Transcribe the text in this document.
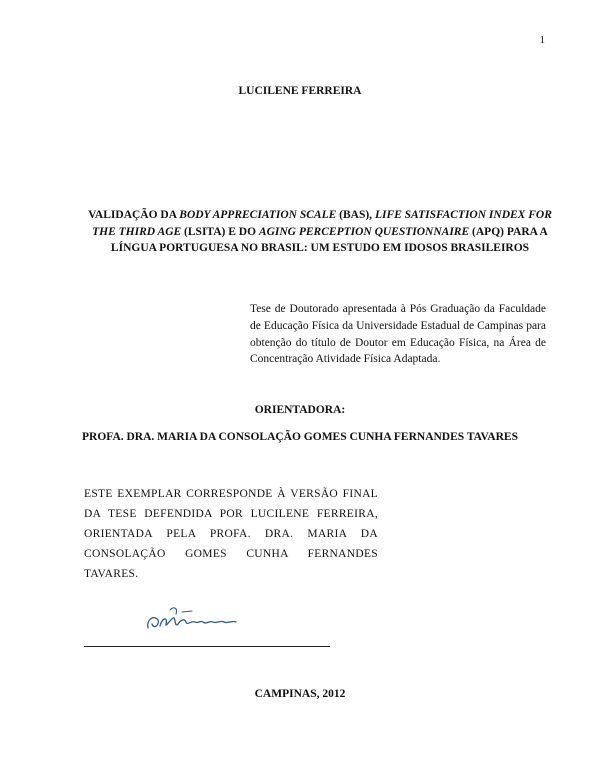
1
LUCILENE FERREIRA
VALIDAÇÃO DA BODY APPRECIATION SCALE (BAS), LIFE SATISFACTION INDEX FOR THE THIRD AGE (LSITA) E DO AGING PERCEPTION QUESTIONNAIRE (APQ) PARA A LÍNGUA PORTUGUESA NO BRASIL: UM ESTUDO EM IDOSOS BRASILEIROS
Tese de Doutorado apresentada à Pós Graduação da Faculdade de Educação Física da Universidade Estadual de Campinas para obtenção do título de Doutor em Educação Física, na Área de Concentração Atividade Física Adaptada.
ORIENTADORA:
PROFA. DRA. MARIA DA CONSOLAÇÃO GOMES CUNHA FERNANDES TAVARES
ESTE EXEMPLAR CORRESPONDE À VERSÃO FINAL DA TESE DEFENDIDA POR LUCILENE FERREIRA, ORIENTADA PELA PROFA. DRA. MARIA DA CONSOLAÇÃO GOMES CUNHA FERNANDES TAVARES.
CAMPINAS, 2012
